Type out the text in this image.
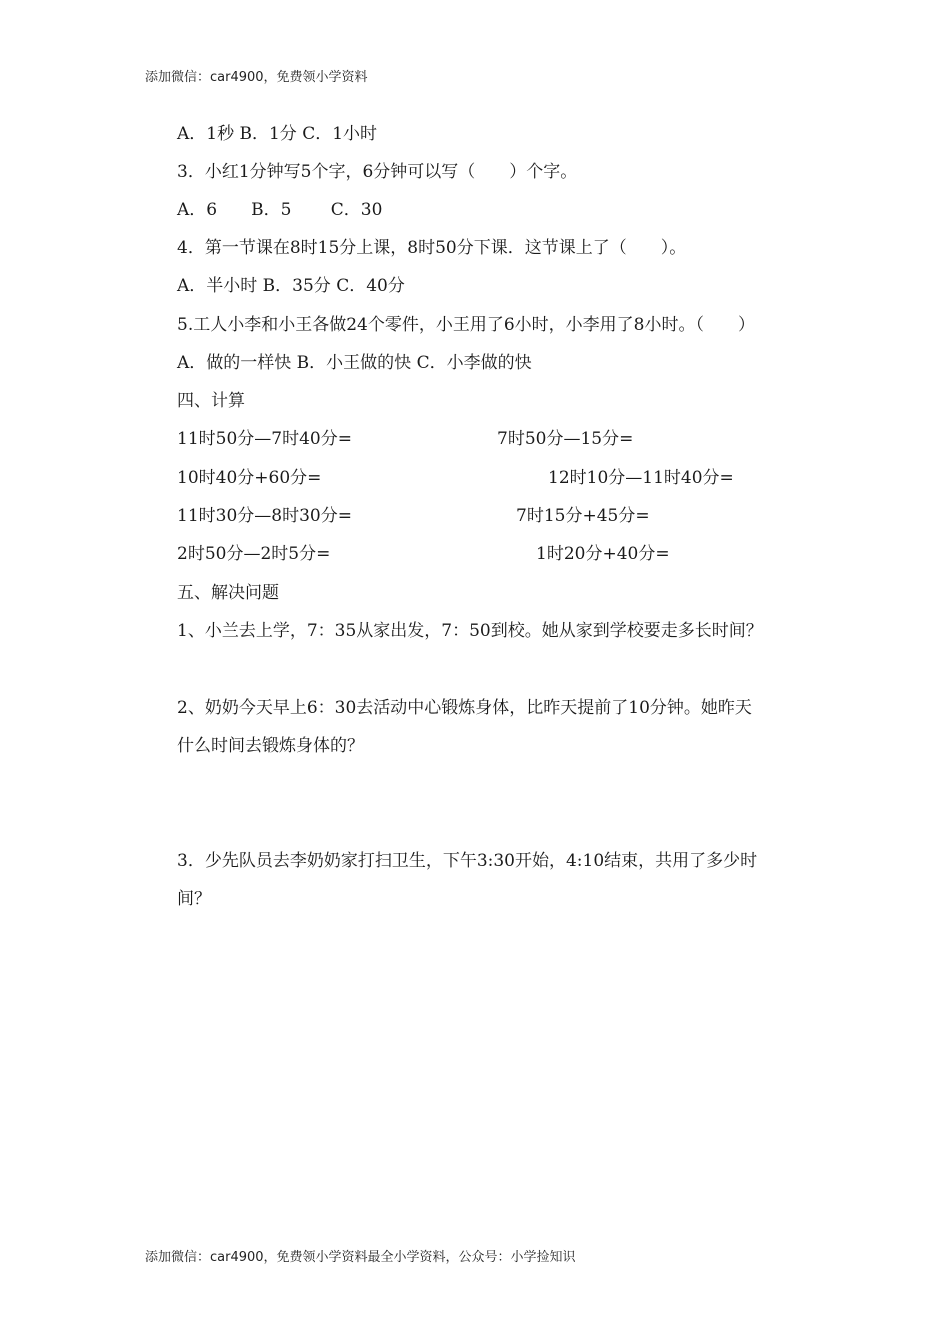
添加微信：car4900，免费领小学资料
A．1秒 B．1分 C．1小时
3．小红1分钟写5个字，6分钟可以写（　　）个字。
A．6　　B．5　　 C．30
4．第一节课在8时15分上课，8时50分下课．这节课上了（　　）。
A．半小时 B．35分 C．40分
5.工人小李和小王各做24个零件，小王用了6小时，小李用了8小时。（　　）
A．做的一样快 B．小王做的快 C．小李做的快
四、计算
11时50分—7时40分=	7时50分—15分=
10时40分+60分=	12时10分—11时40分=
11时30分—8时30分=	7时15分+45分=
2时50分—2时5分=	1时20分+40分=
五、解决问题
1、小兰去上学，7：35从家出发，7：50到校。她从家到学校要走多长时间？
2、奶奶今天早上6：30去活动中心锻炼身体，比昨天提前了10分钟。她昨天
什么时间去锻炼身体的？
3．少先队员去李奶奶家打扫卫生，下午3:30开始，4:10结束，共用了多少时
间？
添加微信：car4900，免费领小学资料最全小学资料，公众号：小学捡知识
